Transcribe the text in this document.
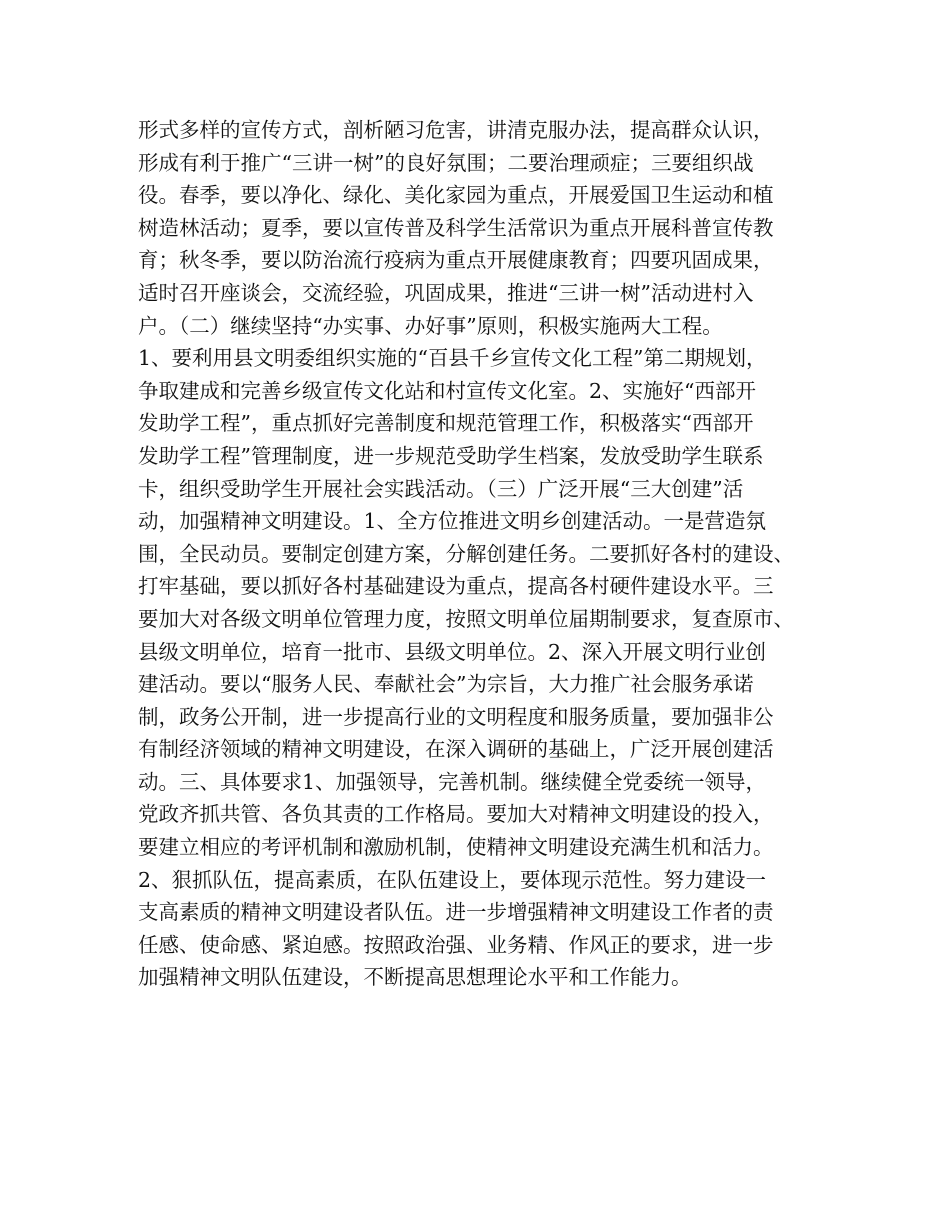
形式多样的宣传方式，剖析陋习危害，讲清克服办法，提高群众认识，
形成有利于推广“三讲一树”的良好氛围；二要治理顽症；三要组织战
役。春季，要以净化、绿化、美化家园为重点，开展爱国卫生运动和植
树造林活动；夏季，要以宣传普及科学生活常识为重点开展科普宣传教
育；秋冬季，要以防治流行疫病为重点开展健康教育；四要巩固成果，
适时召开座谈会，交流经验，巩固成果，推进“三讲一树”活动进村入
户。（二）继续坚持“办实事、办好事”原则，积极实施两大工程。
1、要利用县文明委组织实施的“百县千乡宣传文化工程”第二期规划，
争取建成和完善乡级宣传文化站和村宣传文化室。2、实施好“西部开
发助学工程”，重点抓好完善制度和规范管理工作，积极落实“西部开
发助学工程”管理制度，进一步规范受助学生档案，发放受助学生联系
卡，组织受助学生开展社会实践活动。（三）广泛开展“三大创建”活
动，加强精神文明建设。1、全方位推进文明乡创建活动。一是营造氛
围，全民动员。要制定创建方案，分解创建任务。二要抓好各村的建设、
打牢基础，要以抓好各村基础建设为重点，提高各村硬件建设水平。三
要加大对各级文明单位管理力度，按照文明单位届期制要求，复查原市、
县级文明单位，培育一批市、县级文明单位。2、深入开展文明行业创
建活动。要以“服务人民、奉献社会”为宗旨，大力推广社会服务承诺
制，政务公开制，进一步提高行业的文明程度和服务质量，要加强非公
有制经济领域的精神文明建设，在深入调研的基础上，广泛开展创建活
动。三、具体要求1、加强领导，完善机制。继续健全党委统一领导，
党政齐抓共管、各负其责的工作格局。要加大对精神文明建设的投入，
要建立相应的考评机制和激励机制，使精神文明建设充满生机和活力。
2、狠抓队伍，提高素质，在队伍建设上，要体现示范性。努力建设一
支高素质的精神文明建设者队伍。进一步增强精神文明建设工作者的责
任感、使命感、紧迫感。按照政治强、业务精、作风正的要求，进一步
加强精神文明队伍建设，不断提高思想理论水平和工作能力。
